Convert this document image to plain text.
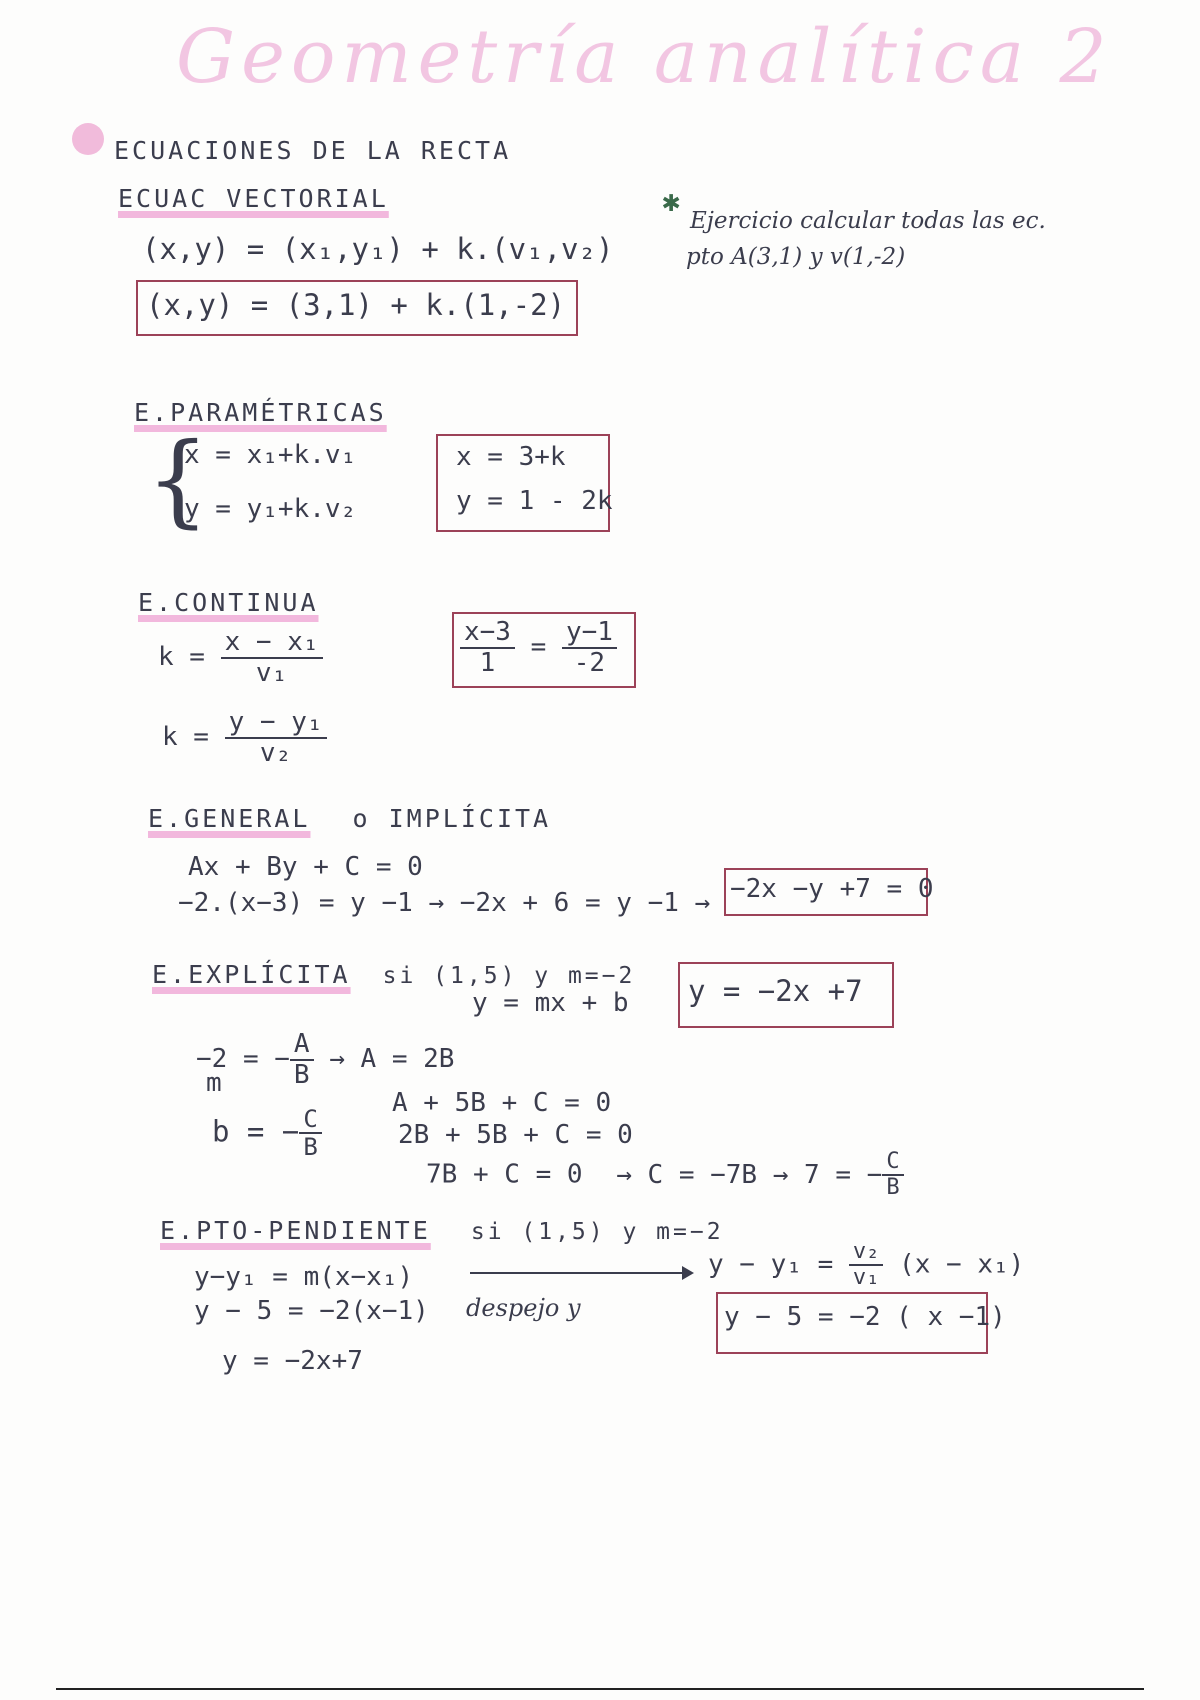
Geometría analítica 2
ECUACIONES DE LA RECTA
✱
Ejercicio calcular todas las ec.
pto A(3,1) y v(1,-2)
ECUAC VECTORIAL
(x,y) = (x₁,y₁) + k.(v₁,v₂)
(x,y) = (3,1) + k.(1,-2)
E.PARAMÉTRICAS
{
x = x₁+k.v₁
y = y₁+k.v₂
x = 3+k
y = 1 - 2k
E.CONTINUA
$k = \frac{\text{x − x₁}}{\text{v₁}}$
$k = \frac{\text{y − y₁}}{\text{v₂}}$
$\frac{x-3}{1} = \frac{y-1}{-2}$
E.GENERAL o IMPLÍCITA
Ax + By + C = 0
−2.(x−3) = y −1 → −2x + 6 = y −1 → −2x −y +7 = 0
E.EXPLÍCITA si (1,5) y m=−2
y = mx + b y = −2x +7
−2 = − $\frac{A}{B} \to A = 2B$
m
b = − $\frac{C}{B}$
A + 5B + C = 0
2B + 5B + C = 0
7B + C = 0 → C = −7B → 7 = − $\frac{C}{B}$
E.PTO-PENDIENTE si (1,5) y m=−2
y−y₁ = m(x−x₁)	$y - y_1 = \frac{\text{v₂}}{\text{v₁}} (x - x_1)$
y − 5 = −2(x−1) despejo y
y = −2x+7
y − 5 = −2 ( x −1)
